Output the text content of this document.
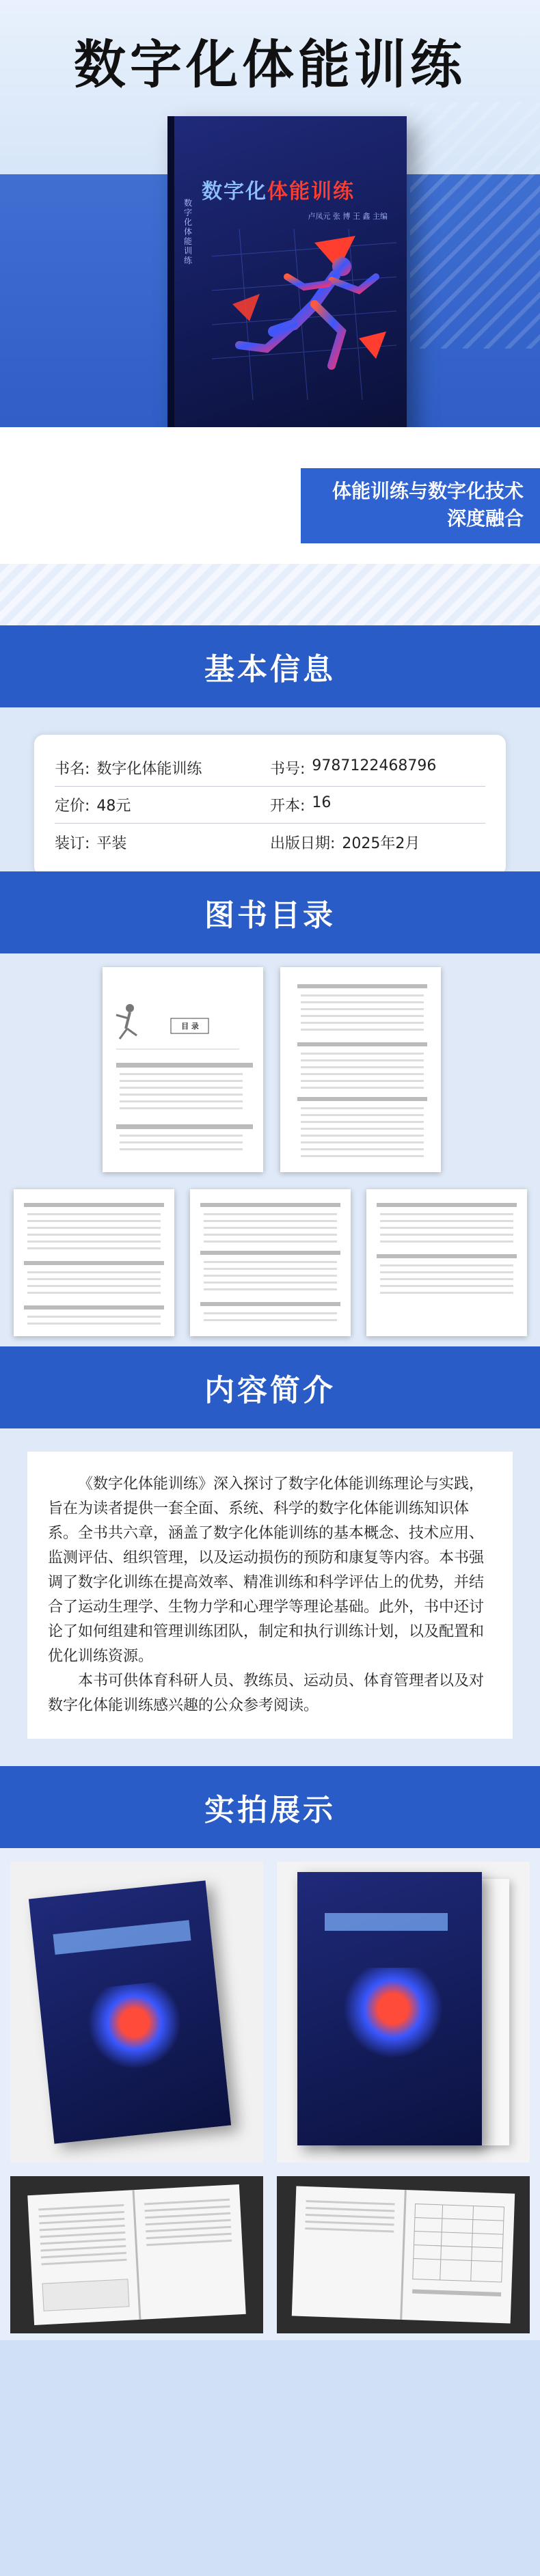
数字化体能训练
数字化体能训练
数字化体能训练
卢凤元 张 博 王 鑫 主编
体能训练与数字化技术
深度融合
基本信息
书名: 数字化体能训练	书号: 9787122468796
定价: 48元	开本: 16
装订: 平装	出版日期: 2025年2月
图书目录
目 录
内容简介

《数字化体能训练》深入探讨了数字化体能训练理论与实践，旨在为读者提供一套全面、系统、科学的数字化体能训练知识体系。全书共六章，涵盖了数字化体能训练的基本概念、技术应用、监测评估、组织管理，以及运动损伤的预防和康复等内容。本书强调了数字化训练在提高效率、精准训练和科学评估上的优势，并结合了运动生理学、生物力学和心理学等理论基础。此外，书中还讨论了如何组建和管理训练团队，制定和执行训练计划，以及配置和优化训练资源。

本书可供体育科研人员、教练员、运动员、体育管理者以及对数字化体能训练感兴趣的公众参考阅读。

实拍展示
